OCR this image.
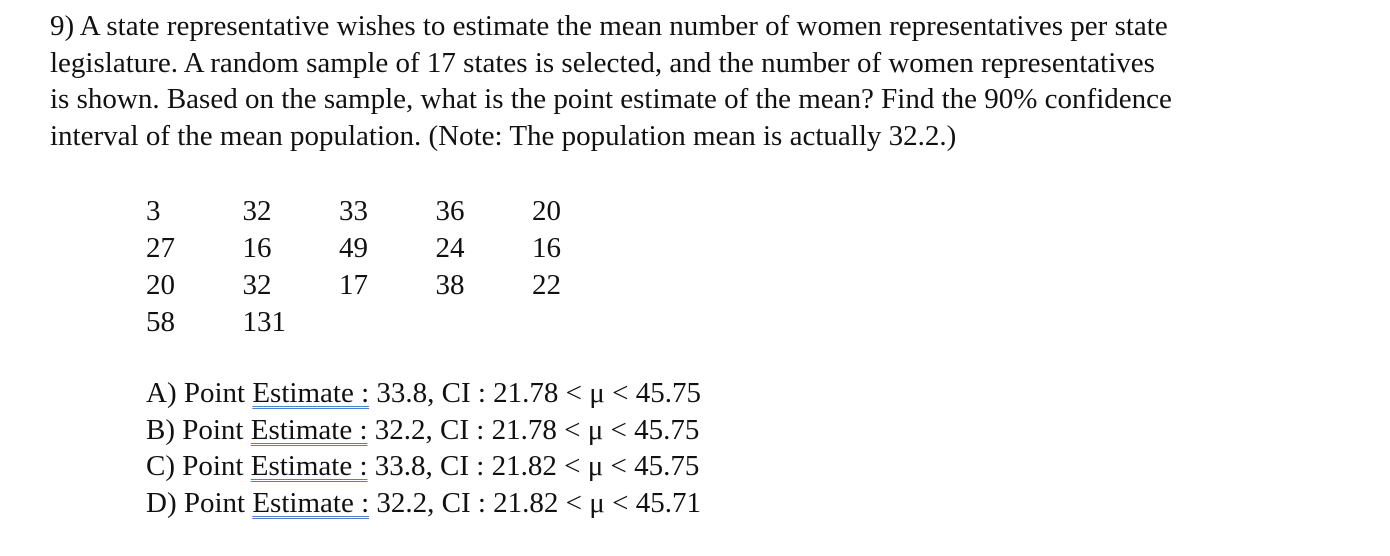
9) A state representative wishes to estimate the mean number of women representatives per state
legislature. A random sample of 17 states is selected, and the number of women representatives
is shown. Based on the sample, what is the point estimate of the mean? Find the 90% confidence
interval of the mean population. (Note: The population mean is actually 32.2.)
3	32 33 36 20
27 16 49 24 16
20 32 17 38 22
58 131
A) Point Estimate : 33.8, CI : 21.78 < μ < 45.75
B) Point Estimate : 32.2, CI : 21.78 < μ < 45.75
C) Point Estimate : 33.8, CI : 21.82 < μ < 45.75
D) Point Estimate : 32.2, CI : 21.82 < μ < 45.71
